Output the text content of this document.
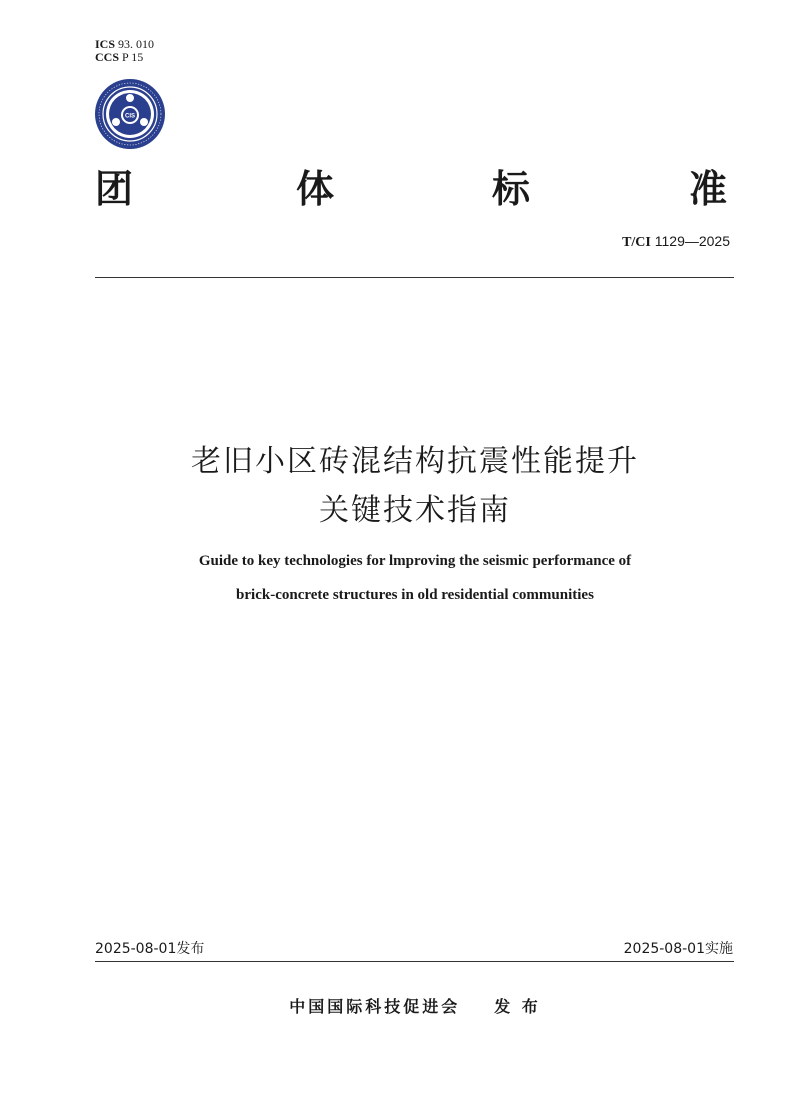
ICS 93. 010
CCS P 15
CIS
团	体	标	准
T/CI 1129—2025
老旧小区砖混结构抗震性能提升
关键技术指南
Guide to key technologies for lmproving the seismic performance of
brick-concrete structures in old residential communities
2025-08-01发布	2025-08-01实施
中国国际科技促进会 发 布
